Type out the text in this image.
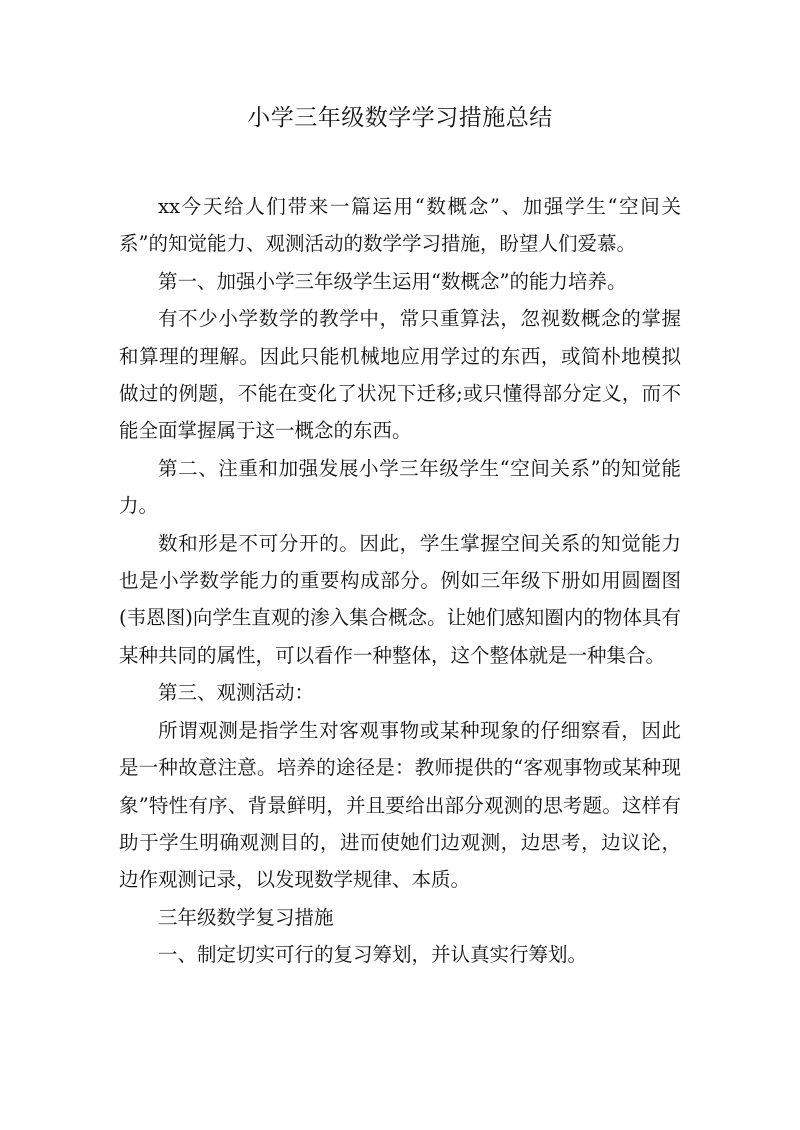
小学三年级数学学习措施总结

xx今天给人们带来一篇运用“数概念”、加强学生“空间关系”的知觉能力、观测活动的数学学习措施，盼望人们爱慕。

第一、加强小学三年级学生运用“数概念”的能力培养。

有不少小学数学的教学中，常只重算法，忽视数概念的掌握和算理的理解。因此只能机械地应用学过的东西，或简朴地模拟做过的例题，不能在变化了状况下迁移;或只懂得部分定义，而不能全面掌握属于这一概念的东西。

第二、注重和加强发展小学三年级学生“空间关系”的知觉能力。

数和形是不可分开的。因此，学生掌握空间关系的知觉能力也是小学数学能力的重要构成部分。例如三年级下册如用圆圈图(韦恩图)向学生直观的渗入集合概念。让她们感知圈内的物体具有某种共同的属性，可以看作一种整体，这个整体就是一种集合。

第三、观测活动：

所谓观测是指学生对客观事物或某种现象的仔细察看，因此是一种故意注意。培养的途径是：教师提供的“客观事物或某种现象”特性有序、背景鲜明，并且要给出部分观测的思考题。这样有助于学生明确观测目的，进而使她们边观测，边思考，边议论，边作观测记录，以发现数学规律、本质。

三年级数学复习措施

一、制定切实可行的复习筹划，并认真实行筹划。
